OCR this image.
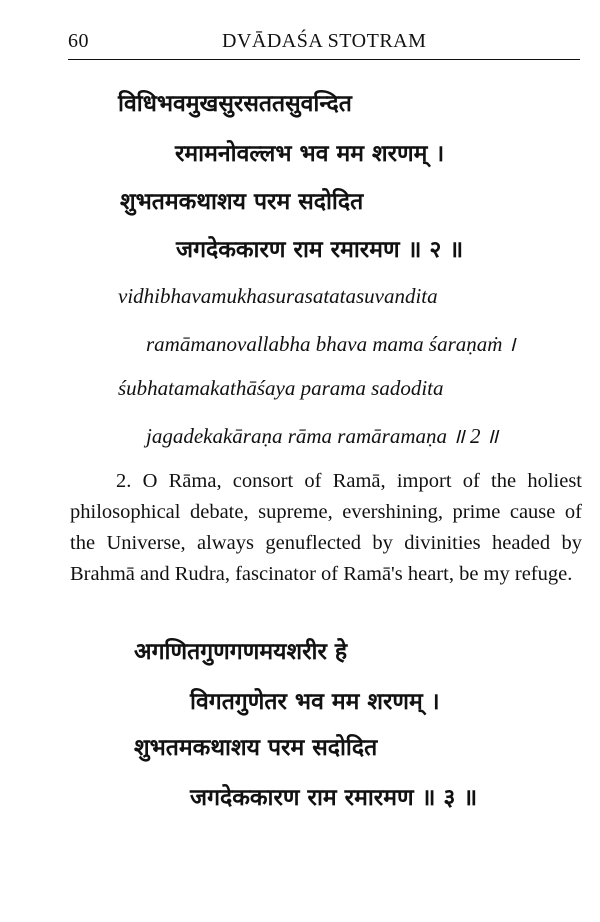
60	DVĀDAŚA STOTRAM
विधिभवमुखसुरसततसुवन्दित
रमामनोवल्लभ भव मम शरणम् ।
शुभतमकथाशय परम सदोदित
जगदेककारण राम रमारमण ॥ २ ॥
vidhibhavamukhasurasatatasuvandita
ramāmanovallabha bhava mama śaraṇaṁ ।
śubhatamakathāśaya parama sadodita
jagadekakāraṇa rāma ramāramaṇa ॥ 2 ॥
2. O Rāma, consort of Ramā, import of the holiest philosophical debate, supreme, evershining, prime cause of the Universe, always genuflected by divinities headed by Brahmā and Rudra, fascinator of Ramā's heart, be my refuge.
अगणितगुणगणमयशरीर हे
विगतगुणेतर भव मम शरणम् ।
शुभतमकथाशय परम सदोदित
जगदेककारण राम रमारमण ॥ ३ ॥
